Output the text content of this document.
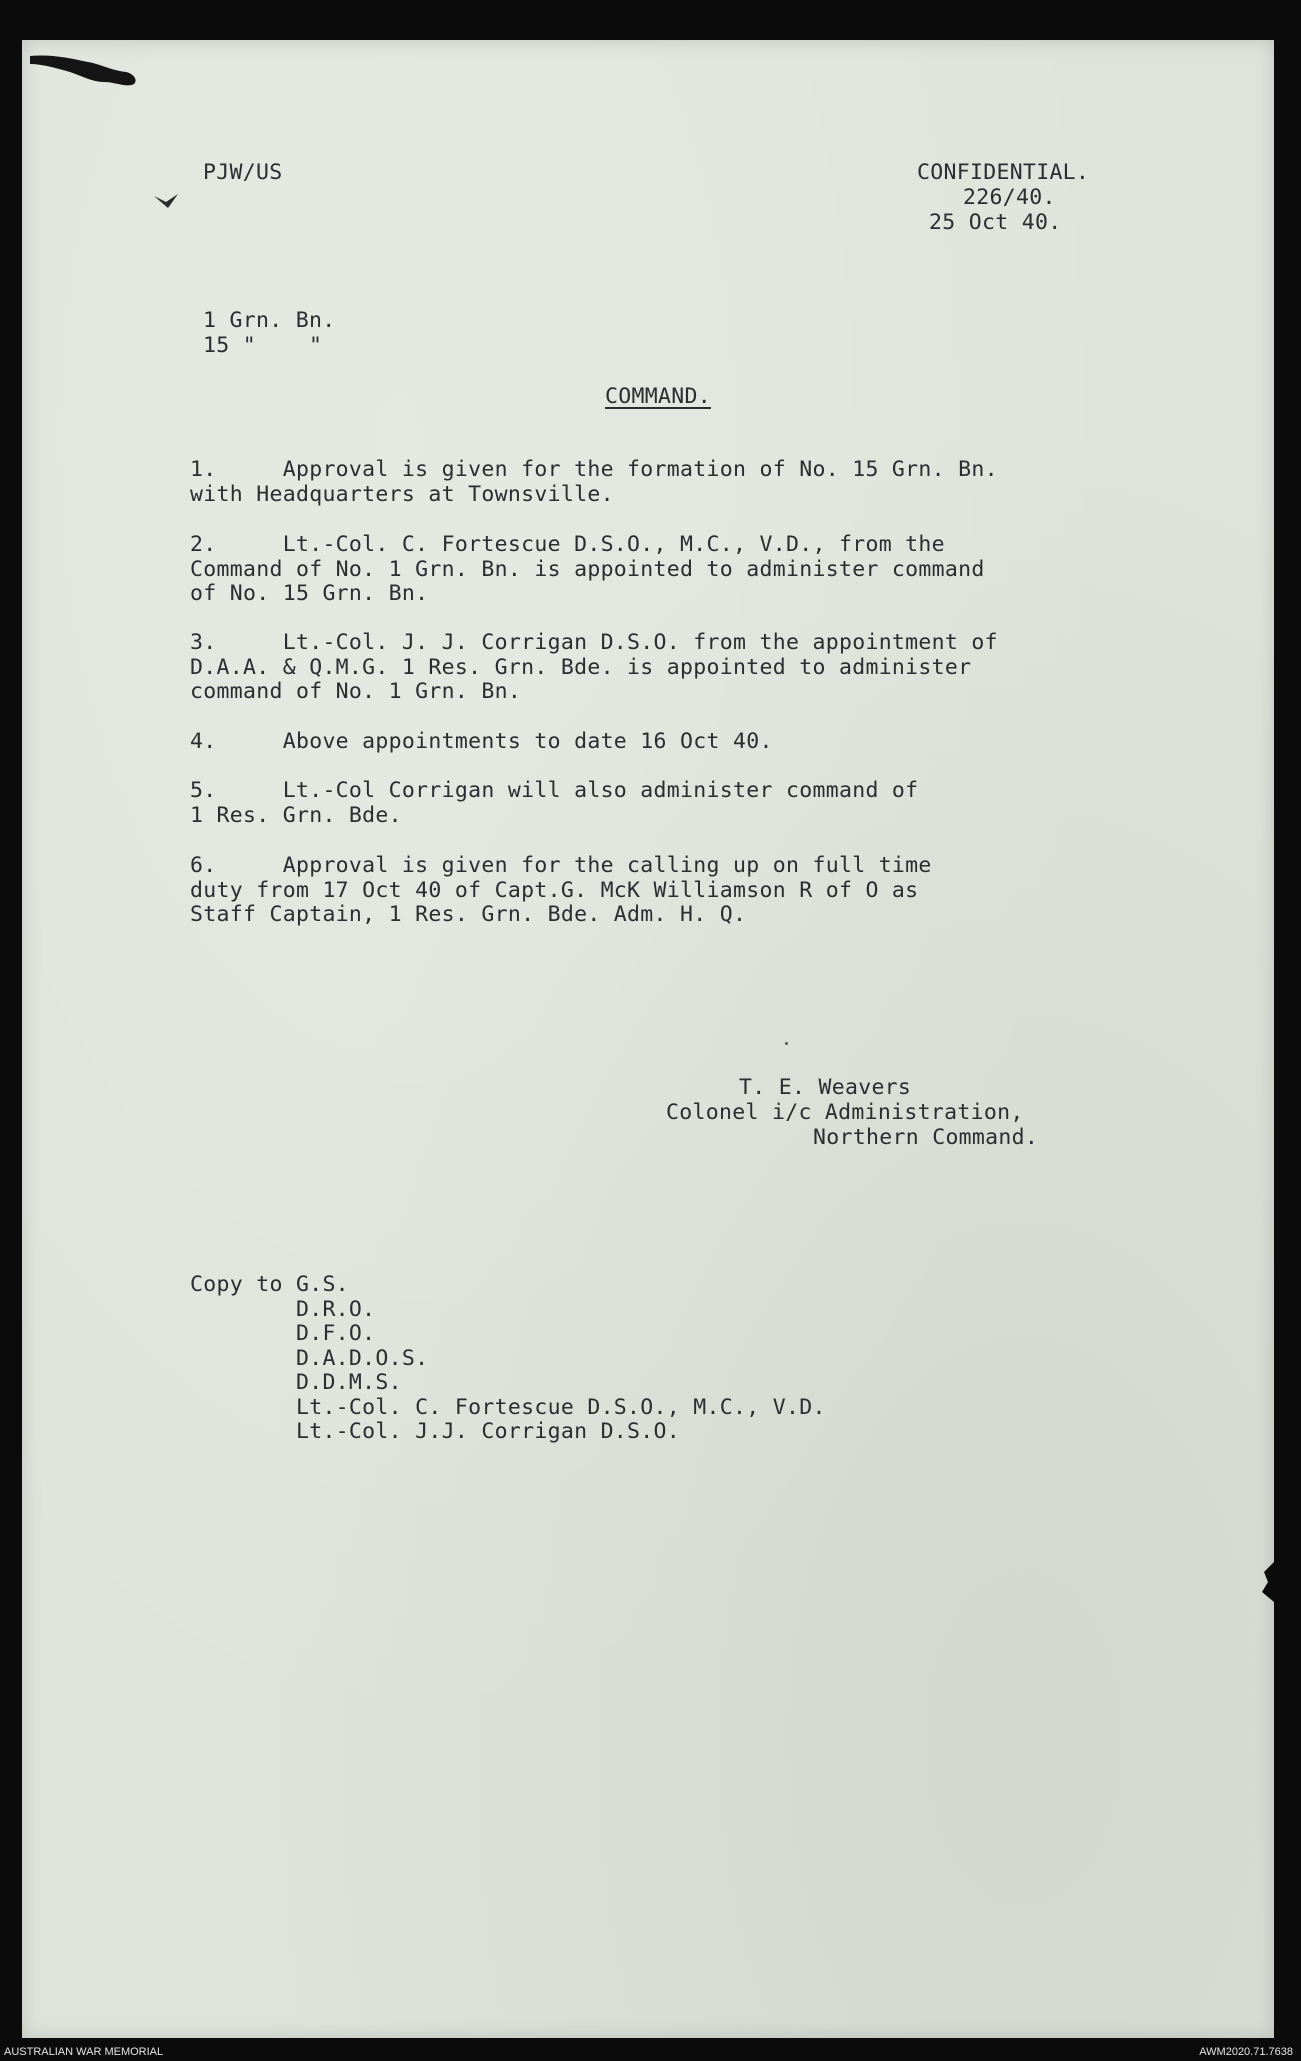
PJW/US	CONFIDENTIAL.
226/40.
25 Oct 40.
1 Grn. Bn.
15 "    "
COMMAND.
1.     Approval is given for the formation of No. 15 Grn. Bn.
with Headquarters at Townsville.
2.     Lt.-Col. C. Fortescue D.S.O., M.C., V.D., from the
Command of No. 1 Grn. Bn. is appointed to administer command
of No. 15 Grn. Bn.
3.     Lt.-Col. J. J. Corrigan D.S.O. from the appointment of
D.A.A. & Q.M.G. 1 Res. Grn. Bde. is appointed to administer
command of No. 1 Grn. Bn.
4.     Above appointments to date 16 Oct 40.
5.     Lt.-Col Corrigan will also administer command of
1 Res. Grn. Bde.
6.     Approval is given for the calling up on full time
duty from 17 Oct 40 of Capt.G. McK Williamson R of O as
Staff Captain, 1 Res. Grn. Bde. Adm. H. Q.
T. E. Weavers
Colonel i/c Administration,
Northern Command.
Copy to G.S.
D.R.O.
D.F.O.
D.A.D.O.S.
D.D.M.S.
Lt.-Col. C. Fortescue D.S.O., M.C., V.D.
Lt.-Col. J.J. Corrigan D.S.O.
AUSTRALIAN WAR MEMORIAL	AWM2020.71.7638
